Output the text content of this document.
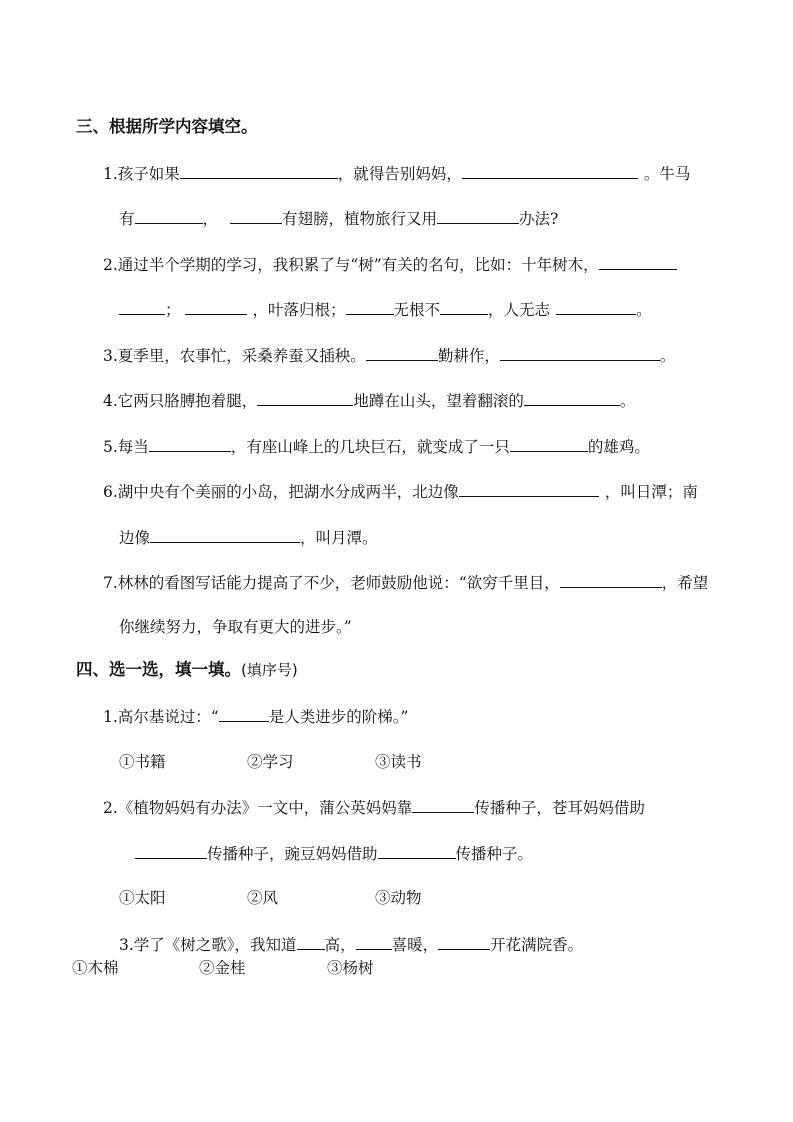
三、根据所学内容填空。
1.孩子如果	，就得告别妈妈，	。牛马
有	，	有翅膀，植物旅行又用	办法?
2.通过半个学期的学习，我积累了与“树”有关的名句，比如：十年树木，
；	，叶落归根；	无根不	，人无志	。
3.夏季里，农事忙，采桑养蚕又插秧。	勤耕作，	。
4.它两只胳膊抱着腿，	地蹲在山头，望着翻滚的	。
5.每当	，有座山峰上的几块巨石，就变成了一只	的雄鸡。
6.湖中央有个美丽的小岛，把湖水分成两半，北边像	，叫日潭；南
边像	，叫月潭。
7.林林的看图写话能力提高了不少，老师鼓励他说：“欲穷千里目，	，希望
你继续努力，争取有更大的进步。”
四、选一选，填一填。(填序号)
1.高尔基说过：“	是人类进步的阶梯。”
①书籍	②学习	③读书
2.《植物妈妈有办法》一文中，蒲公英妈妈靠	传播种子，苍耳妈妈借助
传播种子，豌豆妈妈借助	传播种子。
①太阳	②风	③动物
3.学了《树之歌》，我知道 高， 喜暖，	开花满院香。
①木棉	②金桂	③杨树
